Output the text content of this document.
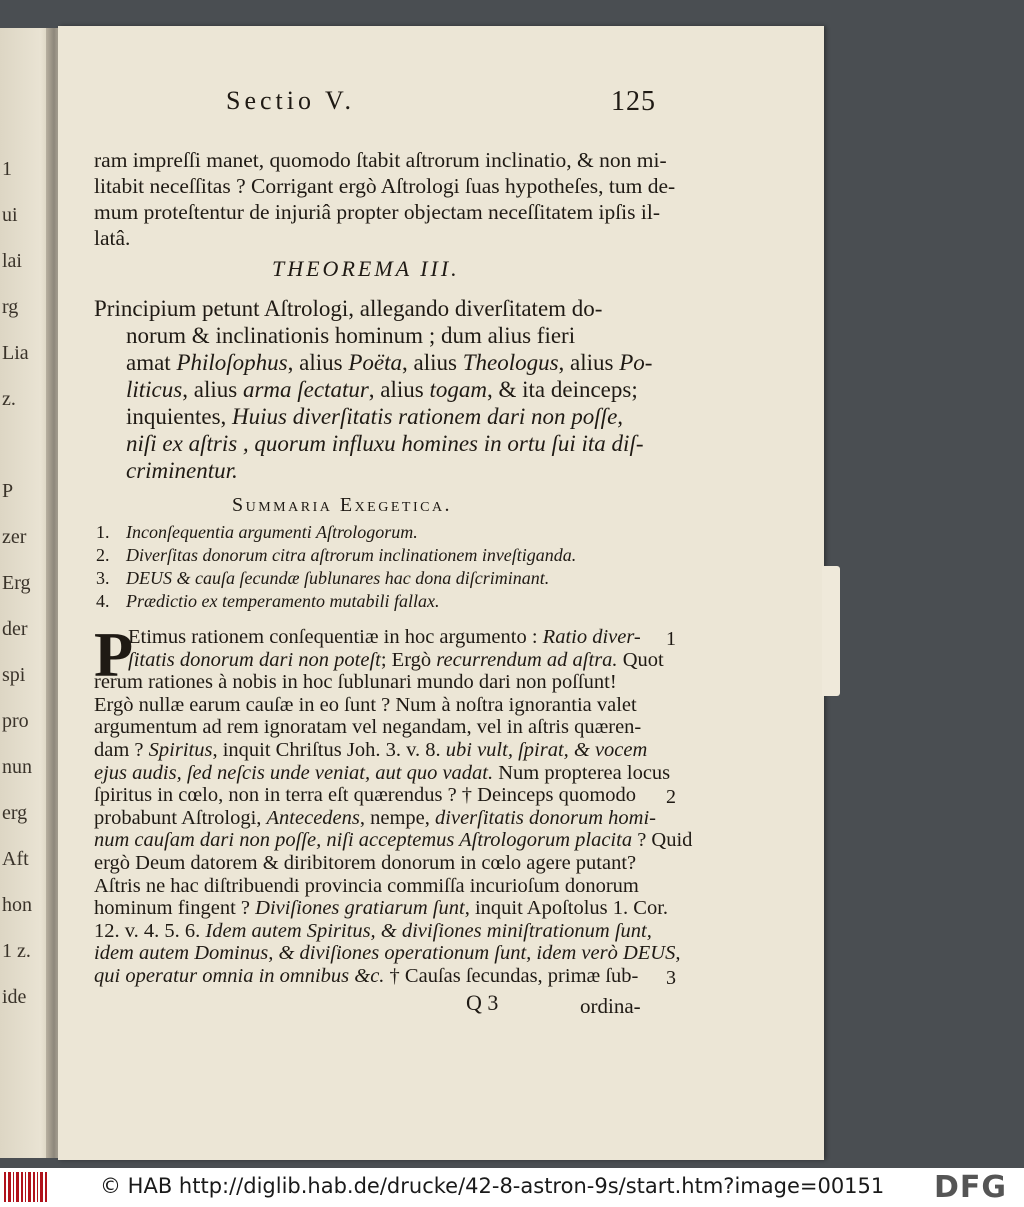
1
ui
lai
rg
Lia
z.
P
zer
Erg
der
spi
pro
nun
erg
Aft
hon
1 z.
ide
Sectio V.	125
ram impreſſi manet, quomodo ſtabit aſtrorum inclinatio, & non mi-
litabit neceſſitas ? Corrigant ergò Aſtrologi ſuas hypotheſes, tum de-
mum proteſtentur de injuriâ propter objectam neceſſitatem ipſis il-
latâ.
THEOREMA III.
Principium petunt Aſtrologi, allegando diverſitatem do-
norum & inclinationis hominum ; dum alius fieri
amat Philoſophus, alius Poëta, alius Theologus, alius Po-
liticus, alius arma ſectatur, alius togam, & ita deinceps;
inquientes, Huius diverſitatis rationem dari non poſſe,
niſi ex aſtris , quorum influxu homines in ortu ſui ita diſ-
criminentur.
Summaria Exegetica.
1. Inconſequentia argumenti Aſtrologorum.
2. Diverſitas donorum citra aſtrorum inclinationem inveſtiganda.
3. DEUS & cauſa ſecundæ ſublunares hac dona diſcriminant.
4. Prædictio ex temperamento mutabili fallax.
P
Etimus rationem conſequentiæ in hoc argumento : Ratio diver-
ſitatis donorum dari non poteſt; Ergò recurrendum ad aſtra. Quot
rerum rationes à nobis in hoc ſublunari mundo dari non poſſunt!
Ergò nullæ earum cauſæ in eo ſunt ? Num à noſtra ignorantia valet
argumentum ad rem ignoratam vel negandam, vel in aſtris quæren-
dam ? Spiritus, inquit Chriſtus Joh. 3. v. 8. ubi vult, ſpirat, & vocem
ejus audis, ſed neſcis unde veniat, aut quo vadat. Num propterea locus
ſpiritus in cœlo, non in terra eſt quærendus ? † Deinceps quomodo
probabunt Aſtrologi, Antecedens, nempe, diverſitatis donorum homi-
num cauſam dari non poſſe, niſi acceptemus Aſtrologorum placita ? Quid
ergò Deum datorem & diribitorem donorum in cœlo agere putant?
Aſtris ne hac diſtribuendi provincia commiſſa incurioſum donorum
hominum fingent ? Diviſiones gratiarum ſunt, inquit Apoſtolus 1. Cor.
12. v. 4. 5. 6. Idem autem Spiritus, & diviſiones miniſtrationum ſunt,
idem autem Dominus, & diviſiones operationum ſunt, idem verò DEUS,
qui operatur omnia in omnibus &c. † Cauſas ſecundas, primæ ſub-
1
2
3
Q 3	ordina-
© HAB http://diglib.hab.de/drucke/42-8-astron-9s/start.htm?image=00151 DFG
